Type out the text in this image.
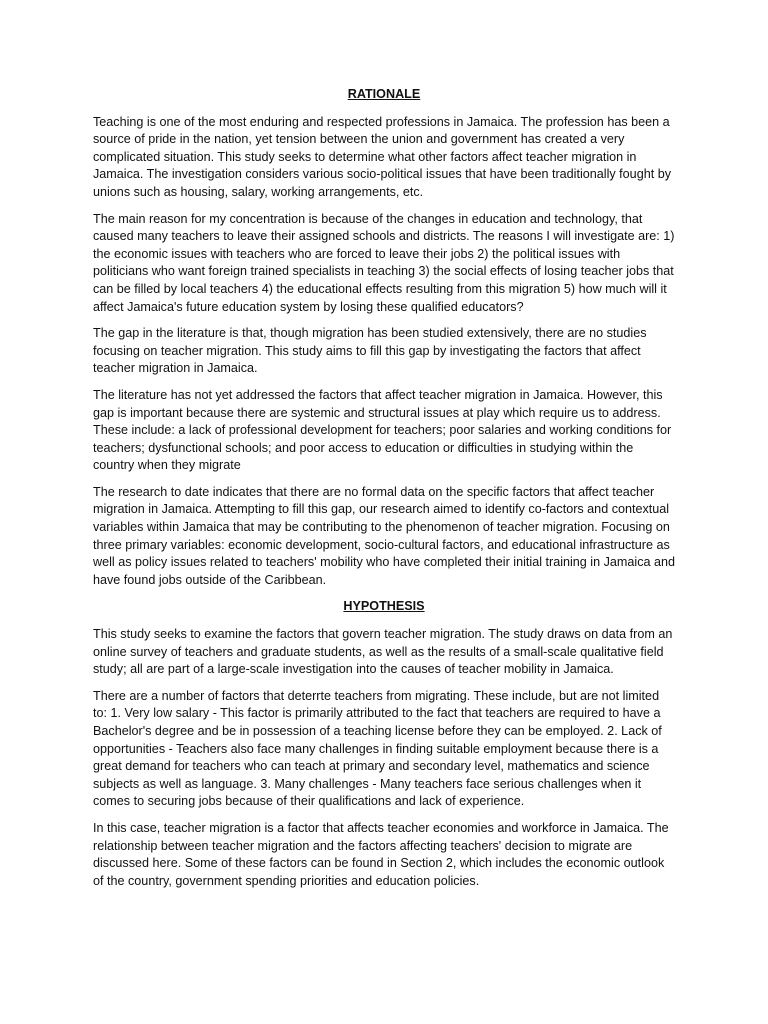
RATIONALE

Teaching is one of the most enduring and respected professions in Jamaica. The profession has been a source of pride in the nation, yet tension between the union and government has created a very complicated situation. This study seeks to determine what other factors affect teacher migration in Jamaica. The investigation considers various socio-political issues that have been traditionally fought by unions such as housing, salary, working arrangements, etc.

The main reason for my concentration is because of the changes in education and technology, that caused many teachers to leave their assigned schools and districts. The reasons I will investigate are: 1) the economic issues with teachers who are forced to leave their jobs 2) the political issues with politicians who want foreign trained specialists in teaching 3) the social effects of losing teacher jobs that can be filled by local teachers 4) the educational effects resulting from this migration 5) how much will it affect Jamaica's future education system by losing these qualified educators?

The gap in the literature is that, though migration has been studied extensively, there are no studies focusing on teacher migration. This study aims to fill this gap by investigating the factors that affect teacher migration in Jamaica.

The literature has not yet addressed the factors that affect teacher migration in Jamaica. However, this gap is important because there are systemic and structural issues at play which require us to address. These include: a lack of professional development for teachers; poor salaries and working conditions for teachers; dysfunctional schools; and poor access to education or difficulties in studying within the country when they migrate

The research to date indicates that there are no formal data on the specific factors that affect teacher migration in Jamaica. Attempting to fill this gap, our research aimed to identify co-factors and contextual variables within Jamaica that may be contributing to the phenomenon of teacher migration. Focusing on three primary variables: economic development, socio-cultural factors, and educational infrastructure as well as policy issues related to teachers' mobility who have completed their initial training in Jamaica and have found jobs outside of the Caribbean.

HYPOTHESIS

This study seeks to examine the factors that govern teacher migration. The study draws on data from an online survey of teachers and graduate students, as well as the results of a small-scale qualitative field study; all are part of a large-scale investigation into the causes of teacher mobility in Jamaica.

There are a number of factors that deterrte teachers from migrating. These include, but are not limited to: 1. Very low salary - This factor is primarily attributed to the fact that teachers are required to have a Bachelor's degree and be in possession of a teaching license before they can be employed. 2. Lack of opportunities - Teachers also face many challenges in finding suitable employment because there is a great demand for teachers who can teach at primary and secondary level, mathematics and science subjects as well as language. 3. Many challenges - Many teachers face serious challenges when it comes to securing jobs because of their qualifications and lack of experience.

In this case, teacher migration is a factor that affects teacher economies and workforce in Jamaica. The relationship between teacher migration and the factors affecting teachers' decision to migrate are discussed here. Some of these factors can be found in Section 2, which includes the economic outlook of the country, government spending priorities and education policies.
